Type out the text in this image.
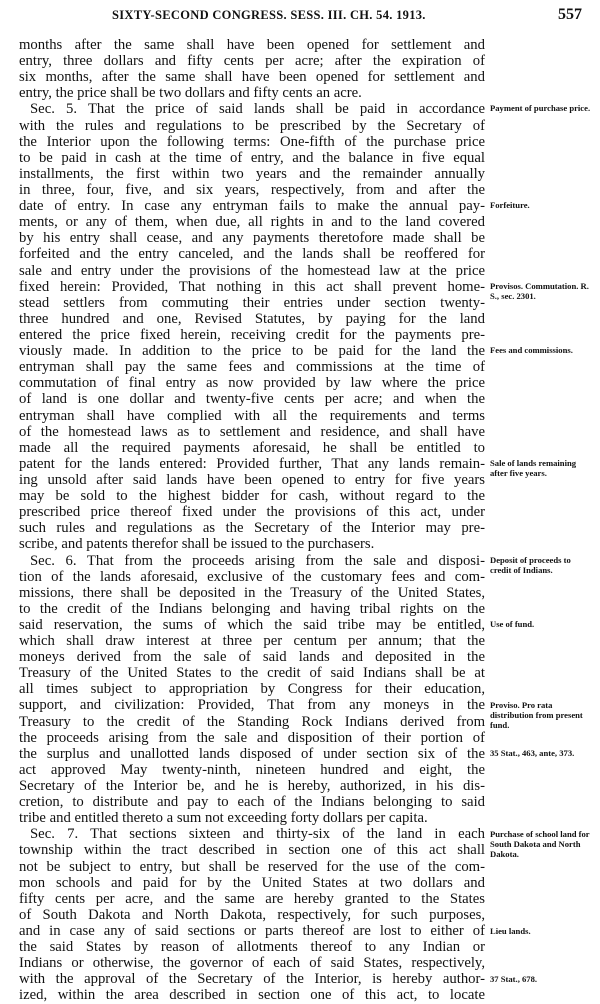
SIXTY-SECOND CONGRESS. SESS. III. CH. 54. 1913.	557
months after the same shall have been opened for settlement and
entry, three dollars and fifty cents per acre; after the expiration of
six months, after the same shall have been opened for settlement and
entry, the price shall be two dollars and fifty cents an acre.
Sec. 5. That the price of said lands shall be paid in accordance
with the rules and regulations to be prescribed by the Secretary of
the Interior upon the following terms: One-fifth of the purchase price
to be paid in cash at the time of entry, and the balance in five equal
installments, the first within two years and the remainder annually
in three, four, five, and six years, respectively, from and after the
date of entry. In case any entryman fails to make the annual pay-
ments, or any of them, when due, all rights in and to the land covered
by his entry shall cease, and any payments theretofore made shall be
forfeited and the entry canceled, and the lands shall be reoffered for
sale and entry under the provisions of the homestead law at the price
fixed herein: Provided, That nothing in this act shall prevent home-
stead settlers from commuting their entries under section twenty-
three hundred and one, Revised Statutes, by paying for the land
entered the price fixed herein, receiving credit for the payments pre-
viously made. In addition to the price to be paid for the land the
entryman shall pay the same fees and commissions at the time of
commutation of final entry as now provided by law where the price
of land is one dollar and twenty-five cents per acre; and when the
entryman shall have complied with all the requirements and terms
of the homestead laws as to settlement and residence, and shall have
made all the required payments aforesaid, he shall be entitled to
patent for the lands entered: Provided further, That any lands remain-
ing unsold after said lands have been opened to entry for five years
may be sold to the highest bidder for cash, without regard to the
prescribed price thereof fixed under the provisions of this act, under
such rules and regulations as the Secretary of the Interior may pre-
scribe, and patents therefor shall be issued to the purchasers.
Sec. 6. That from the proceeds arising from the sale and disposi-
tion of the lands aforesaid, exclusive of the customary fees and com-
missions, there shall be deposited in the Treasury of the United States,
to the credit of the Indians belonging and having tribal rights on the
said reservation, the sums of which the said tribe may be entitled,
which shall draw interest at three per centum per annum; that the
moneys derived from the sale of said lands and deposited in the
Treasury of the United States to the credit of said Indians shall be at
all times subject to appropriation by Congress for their education,
support, and civilization: Provided, That from any moneys in the
Treasury to the credit of the Standing Rock Indians derived from
the proceeds arising from the sale and disposition of their portion of
the surplus and unallotted lands disposed of under section six of the
act approved May twenty-ninth, nineteen hundred and eight, the
Secretary of the Interior be, and he is hereby, authorized, in his dis-
cretion, to distribute and pay to each of the Indians belonging to said
tribe and entitled thereto a sum not exceeding forty dollars per capita.
Sec. 7. That sections sixteen and thirty-six of the land in each
township within the tract described in section one of this act shall
not be subject to entry, but shall be reserved for the use of the com-
mon schools and paid for by the United States at two dollars and
fifty cents per acre, and the same are hereby granted to the States
of South Dakota and North Dakota, respectively, for such purposes,
and in case any of said sections or parts thereof are lost to either of
the said States by reason of allotments thereof to any Indian or
Indians or otherwise, the governor of each of said States, respectively,
with the approval of the Secretary of the Interior, is hereby author-
ized, within the area described in section one of this act, to locate
Payment of purchase price.
Forfeiture.
Provisos. Commutation. R. S., sec. 2301.
Fees and commissions.
Sale of lands remaining after five years.
Deposit of proceeds to credit of Indians.
Use of fund.
Proviso. Pro rata distribution from present fund.
35 Stat., 463, ante, 373.
Purchase of school land for South Dakota and North Dakota.
Lieu lands.
37 Stat., 678.
